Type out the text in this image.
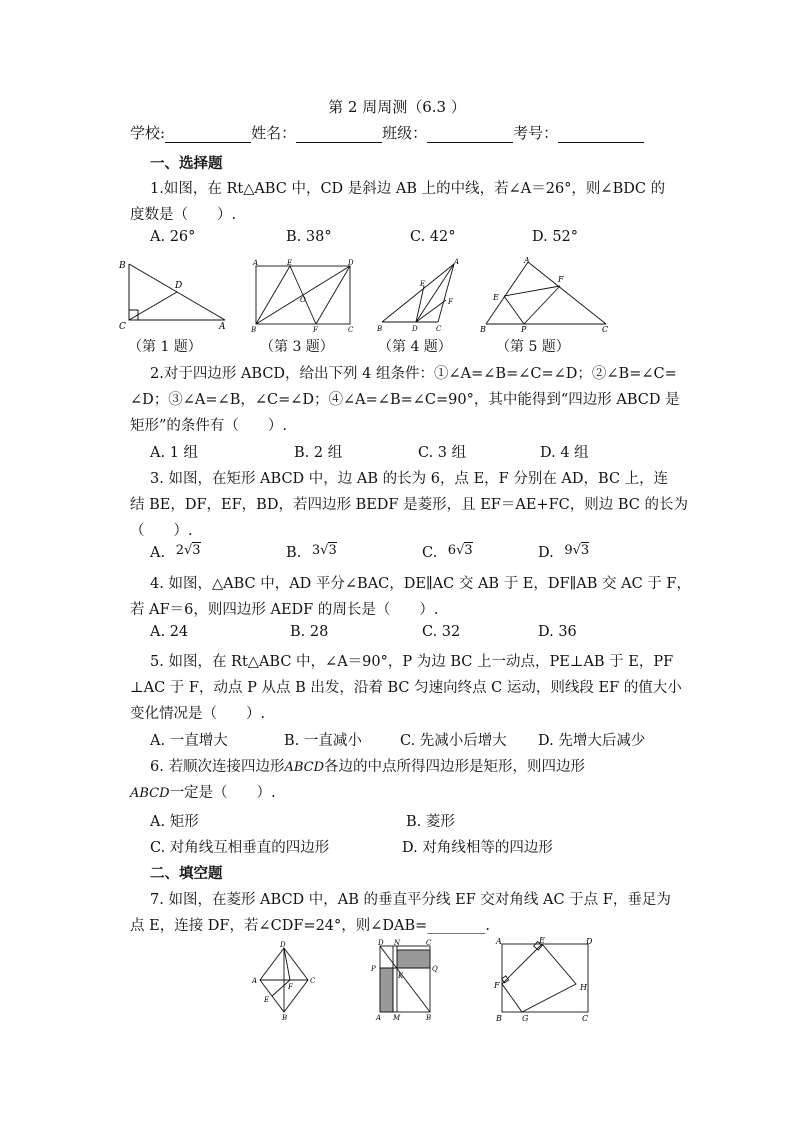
第 2 周周测（6.3 ）
学校:	姓名：	班级：	考号：
一、选择题
1.如图，在 Rt△ABC 中，CD 是斜边 AB 上的中线，若∠A＝26°，则∠BDC 的
度数是（　　）.
A. 26°	B. 38°	C. 42°	D. 52°
B
D
C	A
A	E	D
O
B	F	C
A
E
F
B	D	C
A
F
E
B	P	C
（第 1 题）	（第 3 题）	（第 4 题）	（第 5 题）
2.对于四边形 ABCD，给出下列 4 组条件：①∠A=∠B=∠C=∠D；②∠B=∠C=
∠D；③∠A=∠B，∠C=∠D；④∠A=∠B=∠C=90°，其中能得到“四边形 ABCD 是
矩形”的条件有（　　）.
A. 1 组	B. 2 组	C. 3 组	D. 4 组
3. 如图，在矩形 ABCD 中，边 AB 的长为 6，点 E，F 分别在 AD，BC 上，连
结 BE，DF，EF，BD，若四边形 BEDF 是菱形，且 EF＝AE+FC，则边 BC 的长为
（　　）.
A. 2√3	B. 3√3	C. 6√3	D. 9√3
4. 如图，△ABC 中，AD 平分∠BAC，DE∥AC 交 AB 于 E，DF∥AB 交 AC 于 F，
若 AF＝6，则四边形 AEDF 的周长是（　　）.
A. 24	B. 28	C. 32	D. 36
5. 如图，在 Rt△ABC 中，∠A＝90°，P 为边 BC 上一动点，PE⊥AB 于 E，PF
⊥AC 于 F，动点 P 从点 B 出发，沿着 BC 匀速向终点 C 运动，则线段 EF 的值大小
变化情况是（　　）.
A. 一直增大	B. 一直减小	C. 先减小后增大 D. 先增大后减少
6. 若顺次连接四边形ABCD各边的中点所得四边形是矩形，则四边形
ABCD一定是（　　）.
A. 矩形	B. 菱形
C. 对角线互相垂直的四边形	D. 对角线相等的四边形
二、填空题
7. 如图，在菱形 ABCD 中，AB 的垂直平分线 EF 交对角线 AC 于点 F，垂足为
点 E，连接 DF，若∠CDF=24°，则∠DAB=________.
D
A
F
C
E
B
D N	C
P	Q
K
A M	B
A	E	D
F	H
B	G	C
